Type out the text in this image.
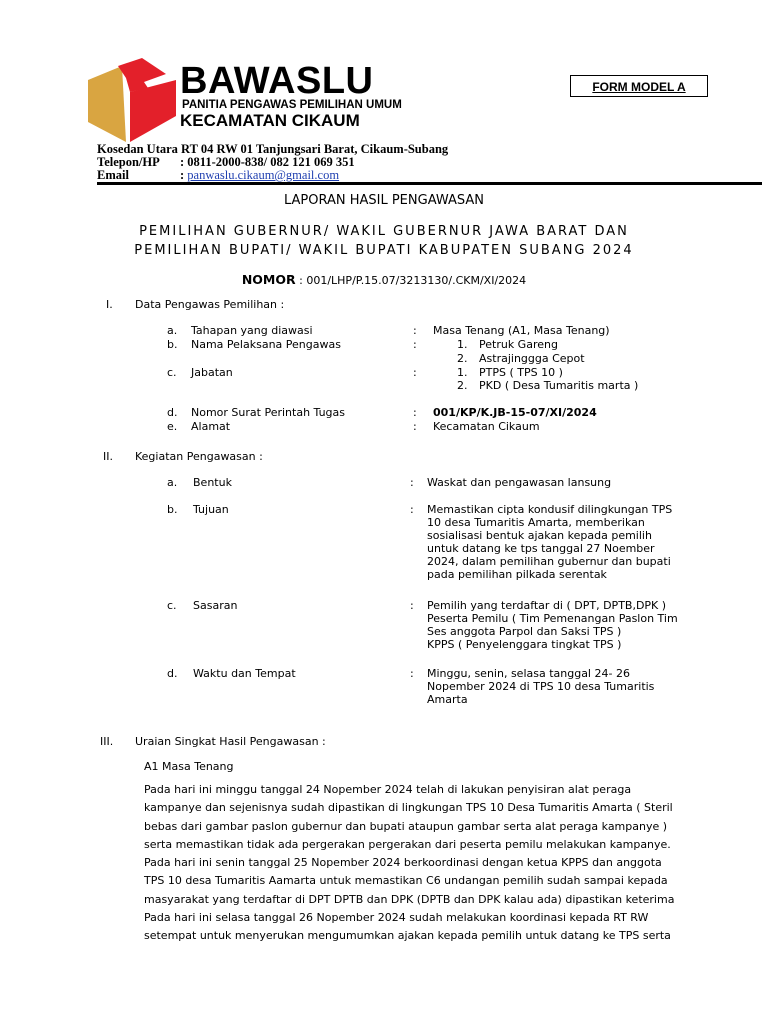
BAWASLU
PANITIA PENGAWAS PEMILIHAN UMUM
KECAMATAN CIKAUM
FORM MODEL A
Kosedan Utara RT 04 RW 01 Tanjungsari Barat, Cikaum-Subang
Telepon/HP : 0811-2000-838/ 082 121 069 351
Email	: panwaslu.cikaum@gmail.com
LAPORAN HASIL PENGAWASAN
PEMILIHAN GUBERNUR/ WAKIL GUBERNUR JAWA BARAT DAN
PEMILIHAN BUPATI/ WAKIL BUPATI KABUPATEN SUBANG 2024
NOMOR : 001/LHP/P.15.07/3213130/.CKM/XI/2024
I. Data Pengawas Pemilihan :
a. Tahapan yang diawasi	: Masa Tenang (A1, Masa Tenang)
b. Nama Pelaksana Pengawas	:	1. Petruk Gareng
2. Astrajinggga Cepot
c. Jabatan	:	1. PTPS ( TPS 10 )
2. PKD ( Desa Tumaritis marta )
d. Nomor Surat Perintah Tugas	: 001/KP/K.JB-15-07/XI/2024
e. Alamat	: Kecamatan Cikaum
II. Kegiatan Pengawasan :
a. Bentuk	: Waskat dan pengawasan lansung
b. Tujuan	: Memastikan cipta kondusif dilingkungan TPS
10 desa Tumaritis Amarta, memberikan
sosialisasi bentuk ajakan kepada pemilih
untuk datang ke tps tanggal 27 Noember
2024, dalam pemilihan gubernur dan bupati
pada pemilihan pilkada serentak
c. Sasaran	: Pemilih yang terdaftar di ( DPT, DPTB,DPK )
Peserta Pemilu ( Tim Pemenangan Paslon Tim
Ses anggota Parpol dan Saksi TPS )
KPPS ( Penyelenggara tingkat TPS )
d. Waktu dan Tempat	: Minggu, senin, selasa tanggal 24- 26
Nopember 2024 di TPS 10 desa Tumaritis
Amarta
III. Uraian Singkat Hasil Pengawasan :
A1 Masa Tenang
Pada hari ini minggu tanggal 24 Nopember 2024 telah di lakukan penyisiran alat peraga
kampanye dan sejenisnya sudah dipastikan di lingkungan TPS 10 Desa Tumaritis Amarta ( Steril
bebas dari gambar paslon gubernur dan bupati ataupun gambar serta alat peraga kampanye )
serta memastikan tidak ada pergerakan pergerakan dari peserta pemilu melakukan kampanye.
Pada hari ini senin tanggal 25 Nopember 2024 berkoordinasi dengan ketua KPPS dan anggota
TPS 10 desa Tumaritis Aamarta untuk memastikan C6 undangan pemilih sudah sampai kepada
masyarakat yang terdaftar di DPT DPTB dan DPK (DPTB dan DPK kalau ada) dipastikan keterima
Pada hari ini selasa tanggal 26 Nopember 2024 sudah melakukan koordinasi kepada RT RW
setempat untuk menyerukan mengumumkan ajakan kepada pemilih untuk datang ke TPS serta
